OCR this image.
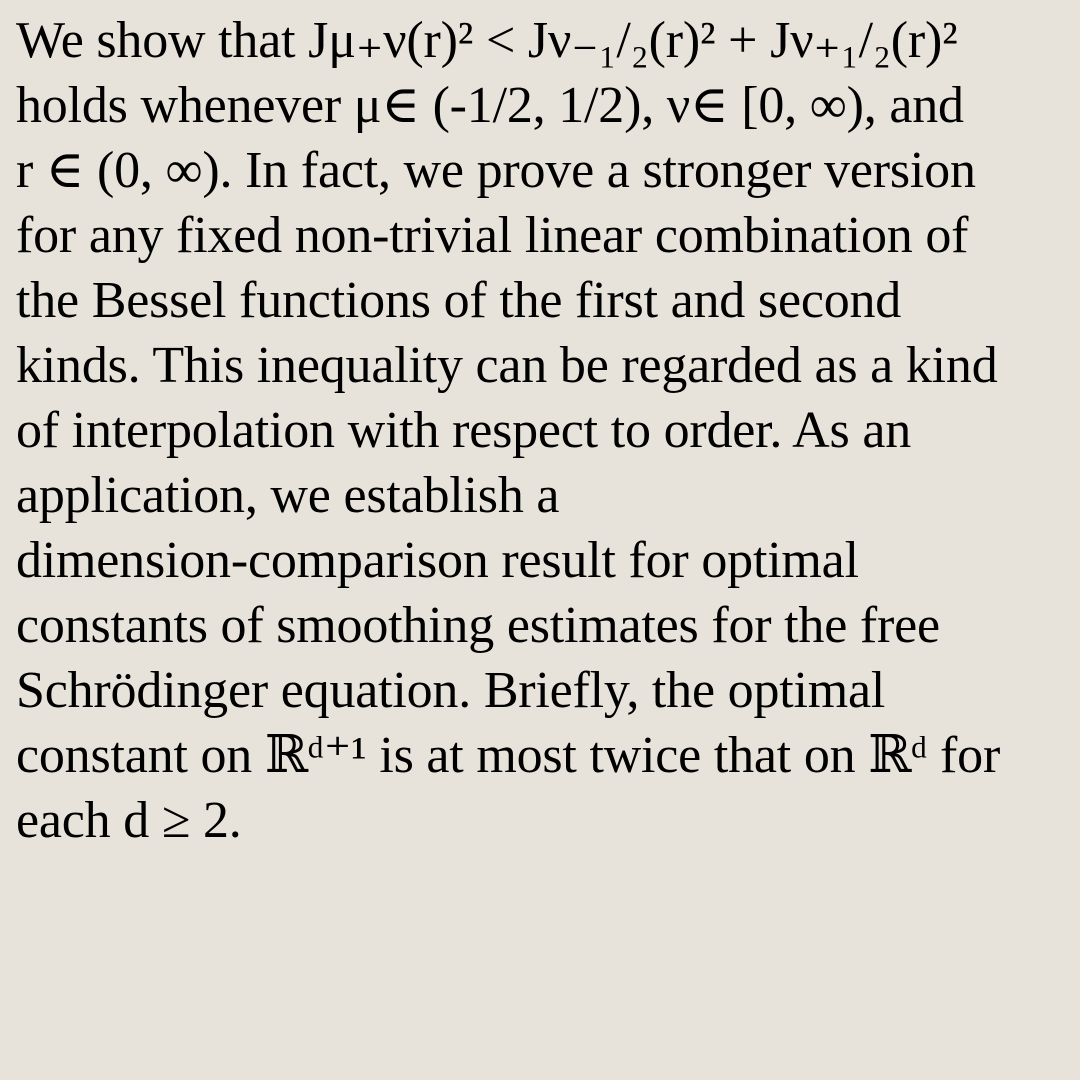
We show that Jμ₊ν(r)² < Jν₋₁/₂(r)² + Jν₊₁/₂(r)²
holds whenever μ∈ (-1/2, 1/2), ν∈ [0, ∞), and
r ∈ (0, ∞). In fact, we prove a stronger version
for any fixed non-trivial linear combination of
the Bessel functions of the first and second
kinds. This inequality can be regarded as a kind
of interpolation with respect to order. As an
application, we establish a
dimension-comparison result for optimal
constants of smoothing estimates for the free
Schrödinger equation. Briefly, the optimal
constant on ℝᵈ⁺¹ is at most twice that on ℝᵈ for
each d ≥ 2.
